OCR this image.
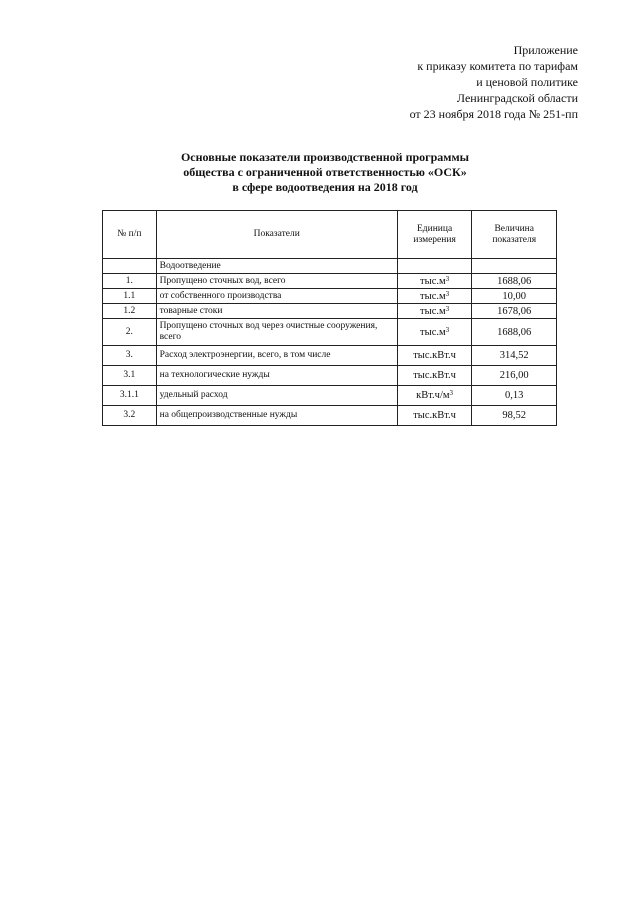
Приложение
к приказу комитета по тарифам
и ценовой политике
Ленинградской области
от 23 ноября 2018 года № 251-пп
Основные показатели производственной программы
общества с ограниченной ответственностью «ОСК»
в сфере водоотведения на 2018 год
№ п/п	Показатели	Единица измерения	Величина показателя
	Водоотведение		
1.	Пропущено сточных вод, всего	$тыс.м^3$	1688,06
1.1	от собственного производства	$тыс.м^3$	10,00
1.2	товарные стоки	$тыс.м^3$	1678,06
2.	Пропущено сточных вод через очистные сооружения, всего	$тыс.м^3$	1688,06
3.	Расход электроэнергии, всего, в том числе	тыс.кВт.ч	314,52
3.1	на технологические нужды	тыс.кВт.ч	216,00
3.1.1	удельный расход	$кВт.ч/м^3$	0,13
3.2	на общепроизводственные нужды	тыс.кВт.ч	98,52
